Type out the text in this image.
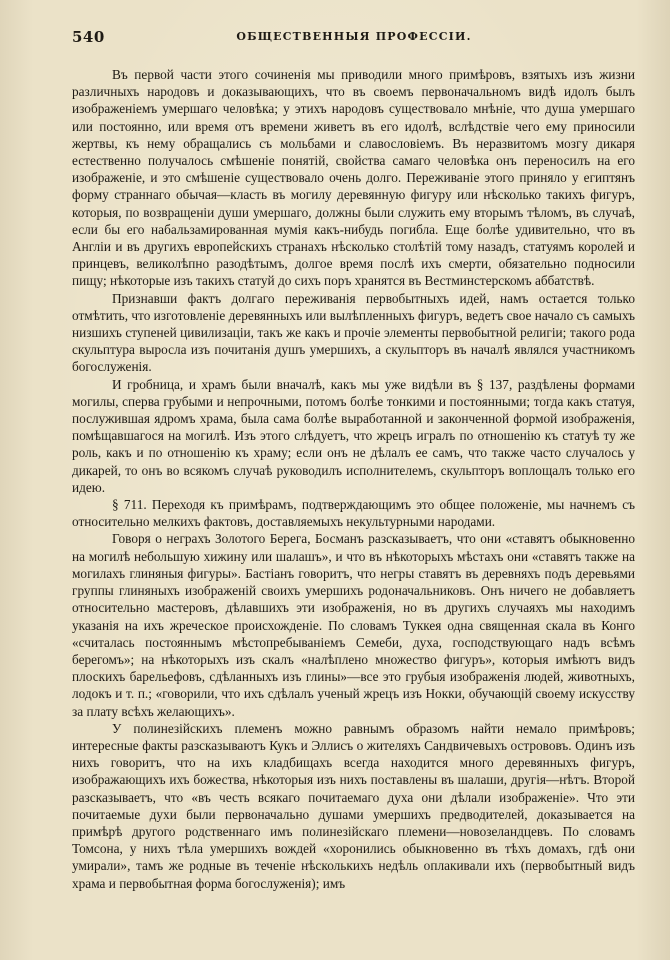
540	ОБЩЕСТВЕННЫЯ ПРОФЕССІИ.

Въ первой части этого сочиненія мы приводили много примѣровъ, взятыхъ изъ жизни различныхъ народовъ и доказывающихъ, что въ своемъ первоначальномъ видѣ идолъ былъ изображеніемъ умершаго человѣка; у этихъ народовъ существовало мнѣніе, что душа умершаго или постоянно, или время отъ времени живетъ въ его идолѣ, вслѣдствіе чего ему приносили жертвы, къ нему обращались съ мольбами и славословіемъ. Въ неразвитомъ мозгу дикаря естественно получалось смѣшеніе понятій, свойства самаго человѣка онъ переносилъ на его изображеніе, и это смѣшеніе существовало очень долго. Переживаніе этого приняло у египтянъ форму страннаго обычая—класть въ могилу деревянную фигуру или нѣсколько такихъ фигуръ, которыя, по возвращеніи души умершаго, должны были служить ему вторымъ тѣломъ, въ случаѣ, если бы его набальзамированная мумія какъ-нибудь погибла. Еще болѣе удивительно, что въ Англіи и въ другихъ европейскихъ странахъ нѣсколько столѣтій тому назадъ, статуямъ королей и принцевъ, великолѣпно разодѣтымъ, долгое время послѣ ихъ смерти, обязательно подносили пищу; нѣкоторые изъ такихъ статуй до сихъ поръ хранятся въ Вестминстерскомъ аббатствѣ.

Признавши фактъ долгаго переживанія первобытныхъ идей, намъ остается только отмѣтить, что изготовленіе деревянныхъ или вылѣпленныхъ фигуръ, ведетъ свое начало съ самыхъ низшихъ ступеней цивилизаціи, такъ же какъ и прочіе элементы первобытной религіи; такого рода скульптура выросла изъ почитанія душъ умершихъ, а скульпторъ въ началѣ являлся участникомъ богослуженія.

И гробница, и храмъ были вначалѣ, какъ мы уже видѣли въ § 137, раздѣлены формами могилы, сперва грубыми и непрочными, потомъ болѣе тонкими и постоянными; тогда какъ статуя, послужившая ядромъ храма, была сама болѣе выработанной и законченной формой изображенія, помѣщавшагося на могилѣ. Изъ этого слѣдуетъ, что жрецъ игралъ по отношенію къ статуѣ ту же роль, какъ и по отношенію къ храму; если онъ не дѣлалъ ее самъ, что также часто случалось у дикарей, то онъ во всякомъ случаѣ руководилъ исполнителемъ, скульпторъ воплощалъ только его идею.

§ 711. Переходя къ примѣрамъ, подтверждающимъ это общее положеніе, мы начнемъ съ относительно мелкихъ фактовъ, доставляемыхъ некультурными народами.

Говоря о неграхъ Золотого Берега, Босманъ разсказываетъ, что они «ставятъ обыкновенно на могилѣ небольшую хижину или шалашъ», и что въ нѣкоторыхъ мѣстахъ они «ставятъ также на могилахъ глиняныя фигуры». Бастіанъ говоритъ, что негры ставятъ въ деревняхъ подъ деревьями группы глиняныхъ изображеній своихъ умершихъ родоначальниковъ. Онъ ничего не добавляетъ относительно мастеровъ, дѣлавшихъ эти изображенія, но въ другихъ случаяхъ мы находимъ указанія на ихъ жреческое происхожденіе. По словамъ Туккея одна священная скала въ Конго «считалась постояннымъ мѣстопребываніемъ Семеби, духа, господствующаго надъ всѣмъ берегомъ»; на нѣкоторыхъ изъ скалъ «налѣплено множество фигуръ», которыя имѣютъ видъ плоскихъ барельефовъ, сдѣланныхъ изъ глины»—все это грубыя изображенія людей, животныхъ, лодокъ и т. п.; «говорили, что ихъ сдѣлалъ ученый жрецъ изъ Нокки, обучающій своему искусству за плату всѣхъ желающихъ».

У полинезійскихъ племенъ можно равнымъ образомъ найти немало примѣровъ; интересные факты разсказываютъ Кукъ и Эллисъ о жителяхъ Сандвичевыхъ острововъ. Одинъ изъ нихъ говоритъ, что на ихъ кладбищахъ всегда находится много деревянныхъ фигуръ, изображающихъ ихъ божества, нѣкоторыя изъ нихъ поставлены въ шалаши, другія—нѣтъ. Второй разсказываетъ, что «въ честь всякаго почитаемаго духа они дѣлали изображеніе». Что эти почитаемые духи были первоначально душами умершихъ предводителей, доказывается на примѣрѣ другого родственнаго имъ полинезійскаго племени—новозеландцевъ. По словамъ Томсона, у нихъ тѣла умершихъ вождей «хоронились обыкновенно въ тѣхъ домахъ, гдѣ они умирали», тамъ же родные въ теченіе нѣсколькихъ недѣль оплакивали ихъ (первобытный видъ храма и первобытная форма богослуженія); имъ
